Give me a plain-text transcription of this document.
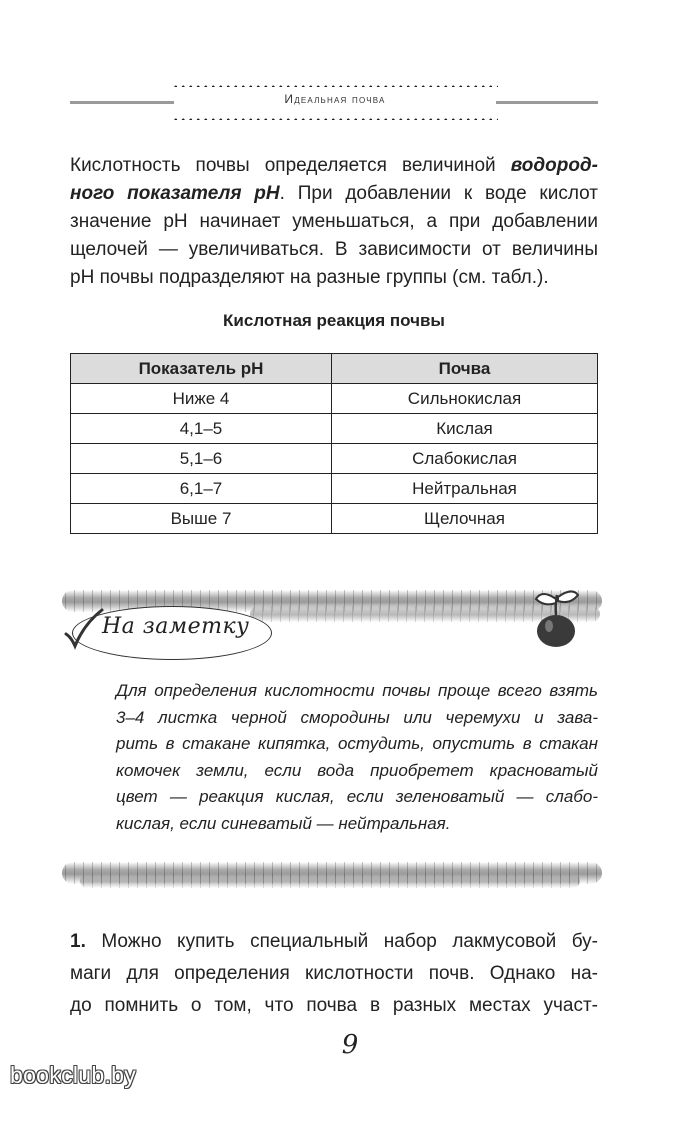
Идеальная почва
Кислотность почвы определяется величиной водород-
ного показателя pH. При добавлении к воде кислот
значение pH начинает уменьшаться, а при добавлении
щелочей — увеличиваться. В зависимости от величины
pH почвы подразделяют на разные группы (см. табл.).
Кислотная реакция почвы
Показатель pH	Почва
Ниже 4	Сильнокислая
4,1–5	Кислая
5,1–6	Слабокислая
6,1–7	Нейтральная
Выше 7	Щелочная
На заметку
Для определения кислотности почвы проще всего взять
3–4 листка черной смородины или черемухи и зава-
рить в стакане кипятка, остудить, опустить в стакан
комочек земли, если вода приобретет красноватый
цвет — реакция кислая, если зеленоватый — слабо-
кислая, если синеватый — нейтральная.
1. Можно купить специальный набор лакмусовой бу-
маги для определения кислотности почв. Однако на-
до помнить о том, что почва в разных местах участ-
9
bookclub.by
